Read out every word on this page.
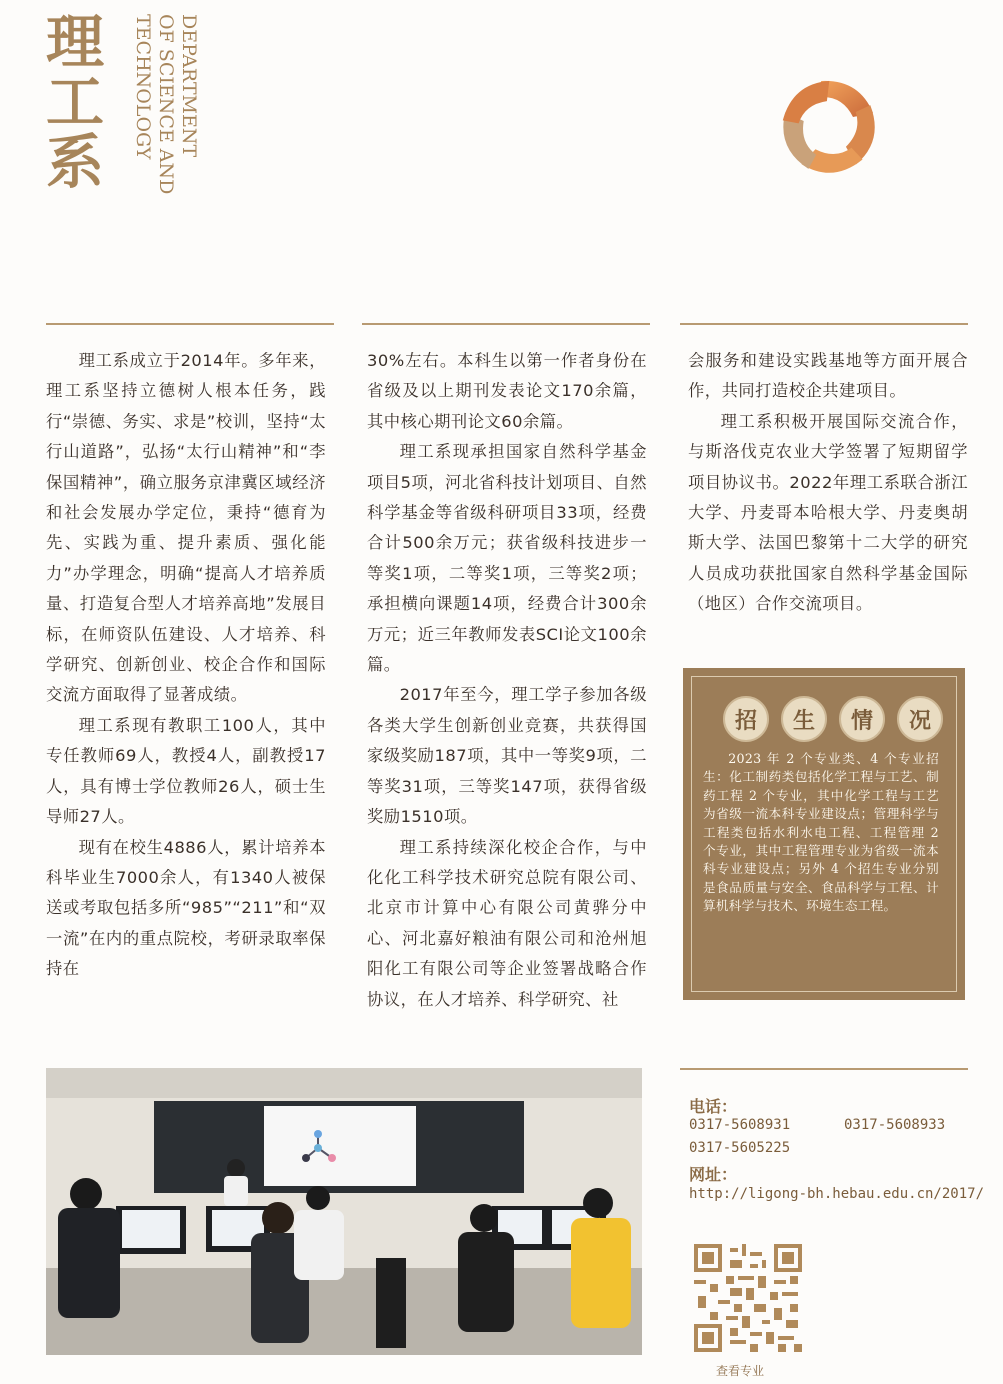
理
工
系
DEPARTMENT
OF SCIENCE AND
TECHNOLOGY

理工系成立于2014年。多年来，理工系坚持立德树人根本任务，践行“崇德、务实、求是”校训，坚持“太行山道路”，弘扬“太行山精神”和“李保国精神”，确立服务京津冀区域经济和社会发展办学定位，秉持“德育为先、实践为重、提升素质、强化能力”办学理念，明确“提高人才培养质量、打造复合型人才培养高地”发展目标，在师资队伍建设、人才培养、科学研究、创新创业、校企合作和国际交流方面取得了显著成绩。

理工系现有教职工100人，其中专任教师69人，教授4人，副教授17人，具有博士学位教师26人，硕士生导师27人。

现有在校生4886人，累计培养本科毕业生7000余人，有1340人被保送或考取包括多所“985”“211”和“双一流”在内的重点院校，考研录取率保持在

30%左右。本科生以第一作者身份在省级及以上期刊发表论文170余篇，其中核心期刊论文60余篇。

理工系现承担国家自然科学基金项目5项，河北省科技计划项目、自然科学基金等省级科研项目33项，经费合计500余万元；获省级科技进步一等奖1项，二等奖1项，三等奖2项；承担横向课题14项，经费合计300余万元；近三年教师发表SCI论文100余篇。

2017年至今，理工学子参加各级各类大学生创新创业竞赛，共获得国家级奖励187项，其中一等奖9项，二等奖31项，三等奖147项，获得省级奖励1510项。

理工系持续深化校企合作，与中化化工科学技术研究总院有限公司、北京市计算中心有限公司黄骅分中心、河北嘉好粮油有限公司和沧州旭阳化工有限公司等企业签署战略合作协议，在人才培养、科学研究、社

会服务和建设实践基地等方面开展合作，共同打造校企共建项目。

理工系积极开展国际交流合作，与斯洛伐克农业大学签署了短期留学项目协议书。2022年理工系联合浙江大学、丹麦哥本哈根大学、丹麦奥胡斯大学、法国巴黎第十二大学的研究人员成功获批国家自然科学基金国际（地区）合作交流项目。

招	生	情	况
2023 年 2 个专业类、4 个专业招生：化工制药类包括化学工程与工艺、制药工程 2 个专业，其中化学工程与工艺为省级一流本科专业建设点；管理科学与工程类包括水利水电工程、工程管理 2 个专业，其中工程管理专业为省级一流本科专业建设点；另外 4 个招生专业分别是食品质量与安全、食品科学与工程、计算机科学与技术、环境生态工程。
电话：
0317-5608931	0317-5608933
0317-5605225
网址：
http://ligong-bh.hebau.edu.cn/2017/
查看专业
